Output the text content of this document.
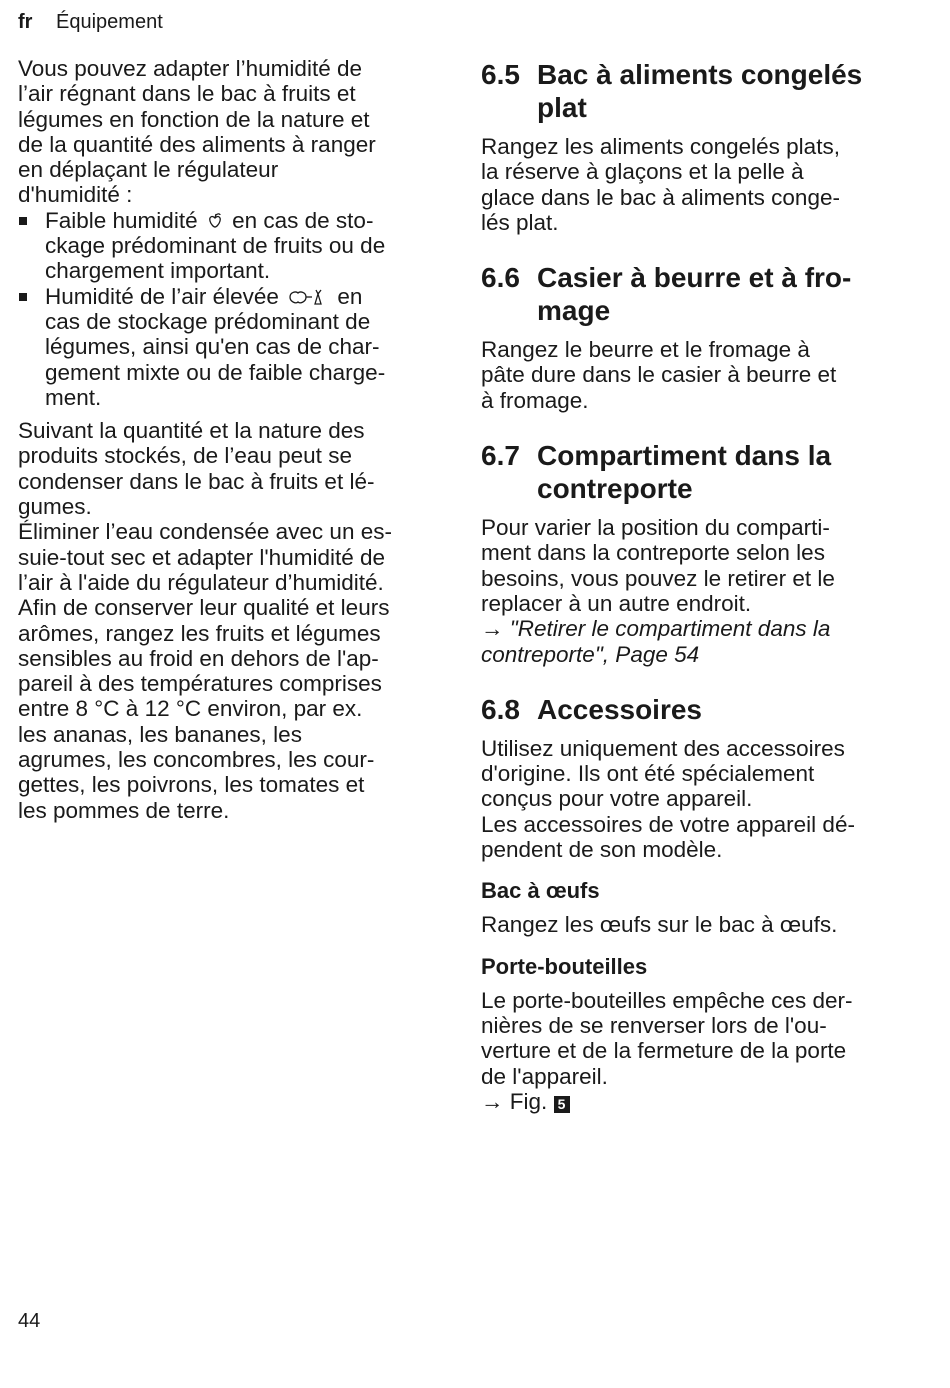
fr Équipement

Vous pouvez adapter l’humidité de
l’air régnant dans le bac à fruits et
légumes en fonction de la nature et
de la quantité des aliments à ranger
en déplaçant le régulateur
d'humidité :

Faible humidité en cas de sto-
ckage prédominant de fruits ou de
chargement important.
Humidité de l’air élevée	en
cas de stockage prédominant de
légumes, ainsi qu'en cas de char-
gement mixte ou de faible charge-
ment.

Suivant la quantité et la nature des
produits stockés, de l’eau peut se
condenser dans le bac à fruits et lé-
gumes.
Éliminer l’eau condensée avec un es-
suie-tout sec et adapter l'humidité de
l’air à l'aide du régulateur d’humidité.
Afin de conserver leur qualité et leurs
arômes, rangez les fruits et légumes
sensibles au froid en dehors de l'ap-
pareil à des températures comprises
entre 8 °C à 12 °C environ, par ex.
les ananas, les bananes, les
agrumes, les concombres, les cour-
gettes, les poivrons, les tomates et
les pommes de terre.

6.5 Bac à aliments congelés
plat

Rangez les aliments congelés plats,
la réserve à glaçons et la pelle à
glace dans le bac à aliments conge-
lés plat.

6.6 Casier à beurre et à fro-
mage

Rangez le beurre et le fromage à
pâte dure dans le casier à beurre et
à fromage.

6.7 Compartiment dans la
contreporte

Pour varier la position du comparti-
ment dans la contreporte selon les
besoins, vous pouvez le retirer et le
replacer à un autre endroit.

→ "Retirer le compartiment dans la
contreporte", Page 54

6.8 Accessoires

Utilisez uniquement des accessoires
d'origine. Ils ont été spécialement
conçus pour votre appareil.
Les accessoires de votre appareil dé-
pendent de son modèle.

Bac à œufs

Rangez les œufs sur le bac à œufs.

Porte-bouteilles

Le porte-bouteilles empêche ces der-
nières de se renverser lors de l'ou-
verture et de la fermeture de la porte
de l'appareil.
→ Fig. 5

44
